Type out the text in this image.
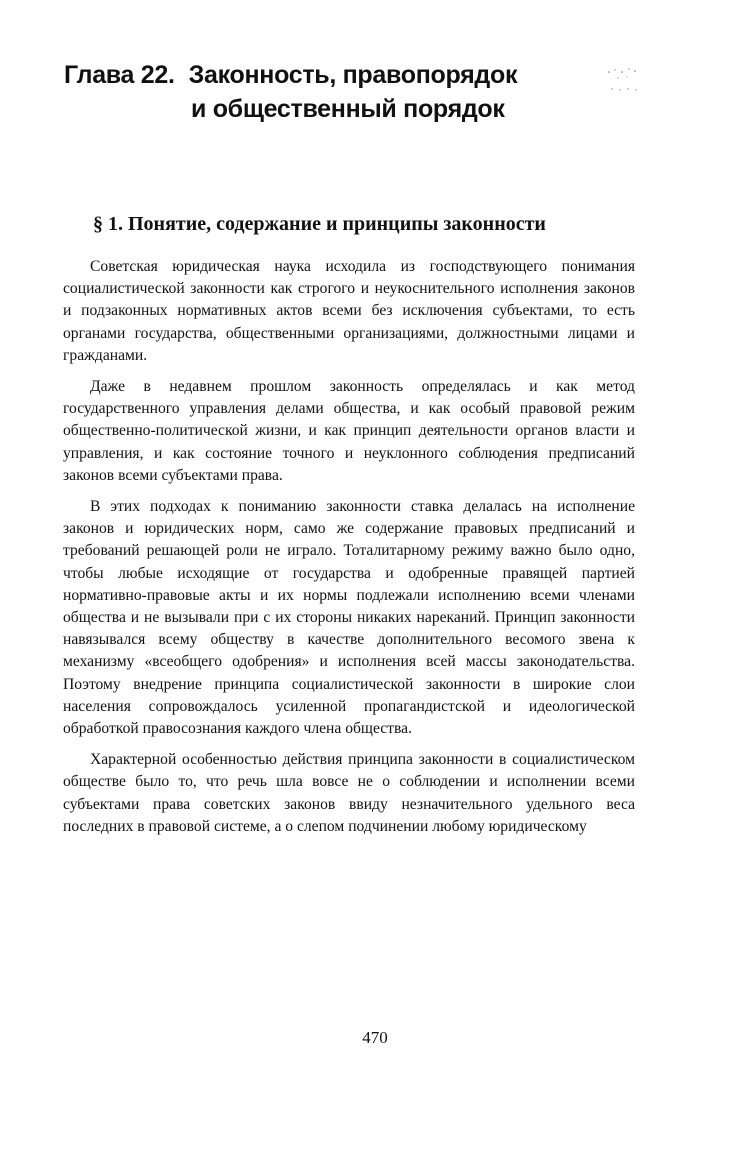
Глава 22. Законность, правопорядок
и общественный порядок
§ 1. Понятие, содержание и принципы законности

Советская юридическая наука исходила из господствующего понимания социалистической законности как строгого и неукоснительного исполнения законов и подзаконных нормативных актов всеми без исключения субъектами, то есть органами государства, общественными организациями, должностными лицами и гражданами.

Даже в недавнем прошлом законность определялась и как метод государственного управления делами общества, и как особый правовой режим общественно-политической жизни, и как принцип деятельности органов власти и управления, и как состояние точного и неуклонного соблюдения предписаний законов всеми субъектами права.

В этих подходах к пониманию законности ставка делалась на исполнение законов и юридических норм, само же содержание правовых предписаний и требований решающей роли не играло. Тоталитарному режиму важно было одно, чтобы любые исходящие от государства и одобренные правящей партией нормативно-правовые акты и их нормы подлежали исполнению всеми членами общества и не вызывали при с их стороны никаких нареканий. Принцип законности навязывался всему обществу в качестве дополнительного весомого звена к механизму «всеобщего одобрения» и исполнения всей массы законодательства. Поэтому внедрение принципа социалистической законности в широкие слои населения сопровождалось усиленной пропагандистской и идеологической обработкой правосознания каждого члена общества.

Характерной особенностью действия принципа законности в социалистическом обществе было то, что речь шла вовсе не о соблюдении и исполнении всеми субъектами права советских законов ввиду незначительного удельного веса последних в правовой системе, а о слепом подчинении любому юридическому

470
